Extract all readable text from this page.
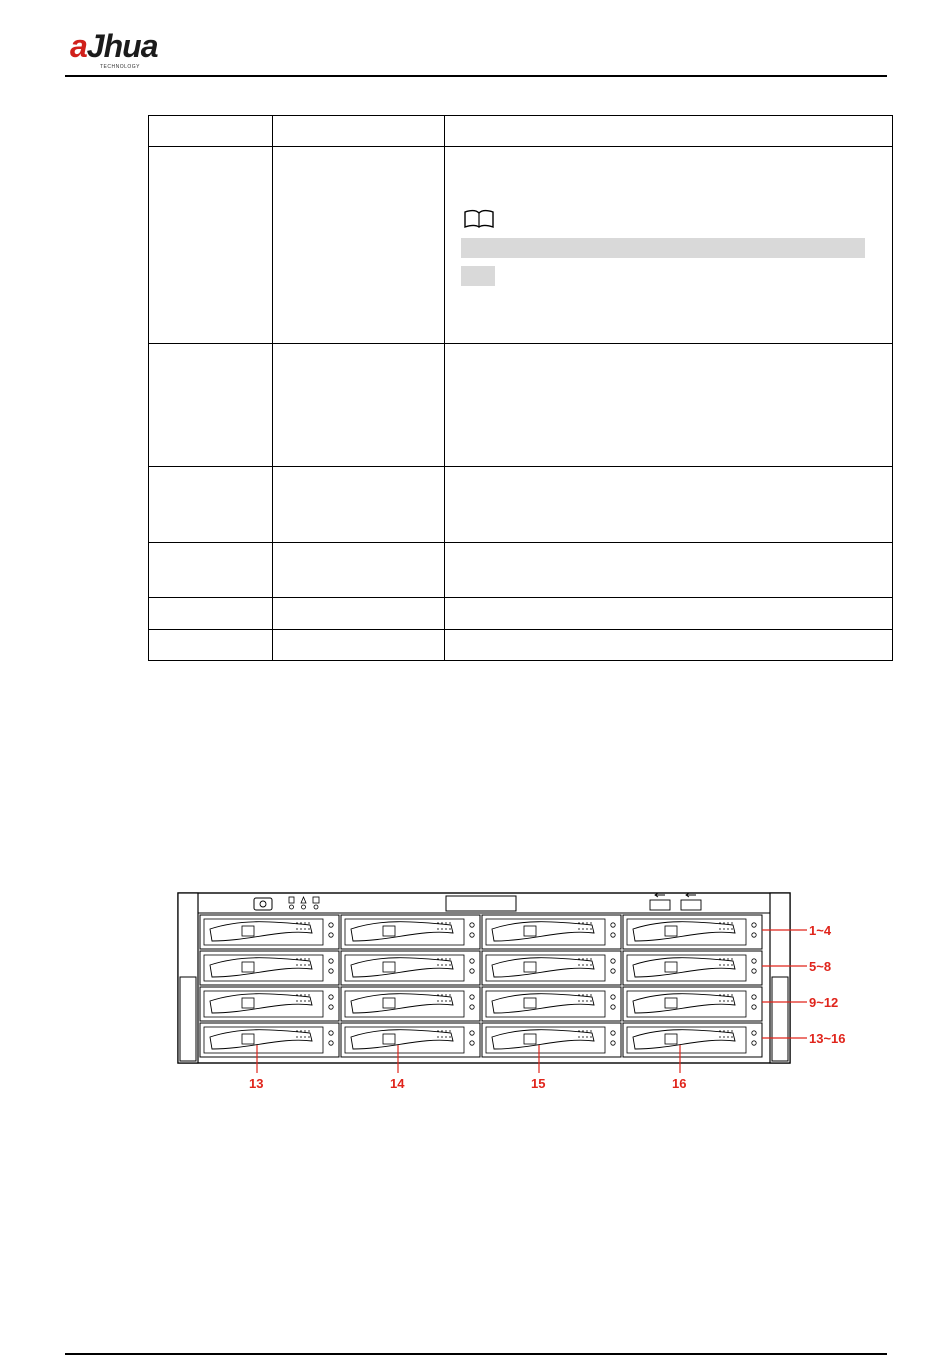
aJhua
TECHNOLOGY

1~4
5~8
9~12
13~16
13	14	15	16
